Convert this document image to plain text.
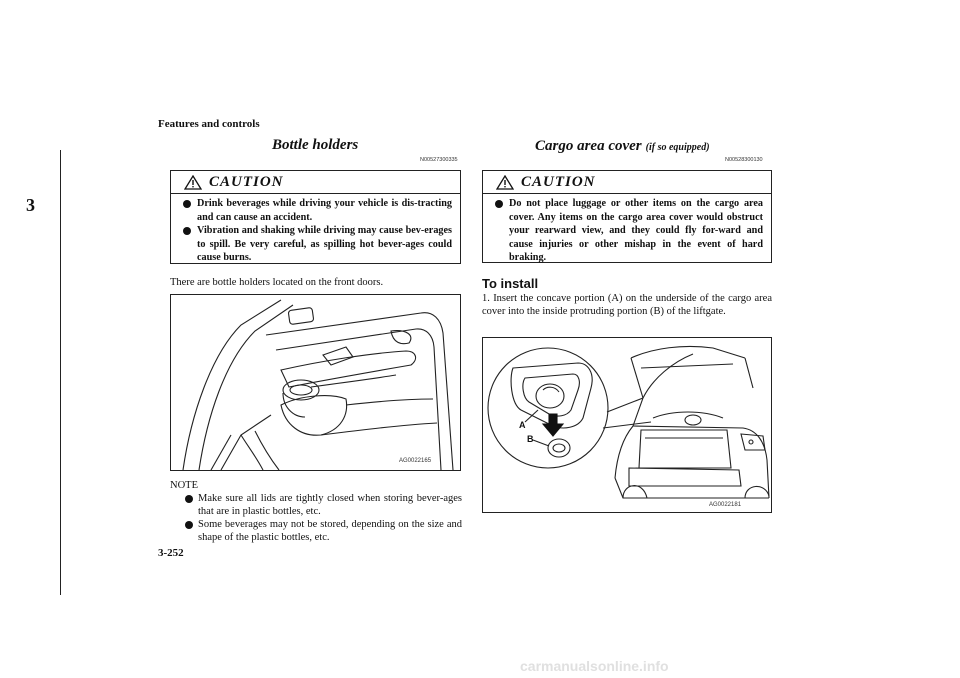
Features and controls
3
3-252
carmanualsonline.info
Bottle holders
N00527300335
CAUTION
Drink beverages while driving your vehicle is dis-tracting and can cause an accident.
Vibration and shaking while driving may cause bev-erages to spill. Be very careful, as spilling hot bever-ages could cause burns.
There are bottle holders located on the front doors.
AG0022165
NOTE
Make sure all lids are tightly closed when storing bever-ages that are in plastic bottles, etc.
Some beverages may not be stored, depending on the size and shape of the plastic bottles, etc.
Cargo area cover (if so equipped)
N00528300130
CAUTION
Do not place luggage or other items on the cargo area cover. Any items on the cargo area cover would obstruct your rearward view, and they could fly for-ward and cause injuries or other mishap in the event of hard braking.
To install
1. Insert the concave portion (A) on the underside of the cargo area cover into the inside protruding portion (B) of the liftgate.
A
B
AG0022181
